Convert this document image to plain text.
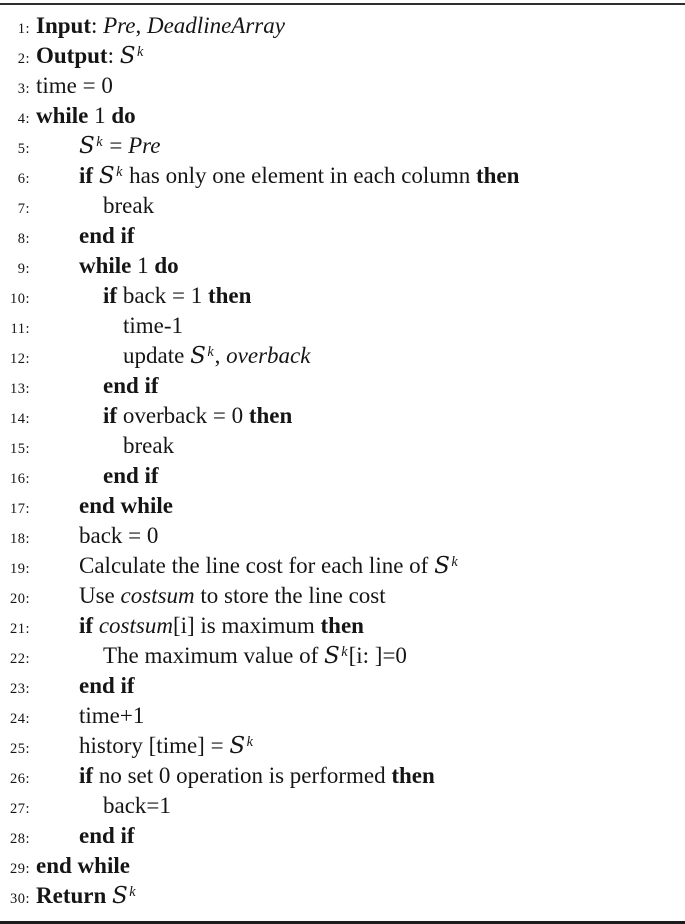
1: Input: Pre, DeadlineArray
2: Output: $S^k$
3: time = 0
4: while 1 do
5:	$S^k$ = Pre
6:	if $S^k$ has only one element in each column then
7:	break
8:	end if
9:	while 1 do
10:	if back = 1 then
11:	time-1
12:	update $S^k$, overback
13:	end if
14:	if overback = 0 then
15:	break
16:	end if
17:	end while
18:	back = 0
19:	Calculate the line cost for each line of $S^k$
20:	Use costsum to store the line cost
21:	if costsum[i] is maximum then
22:	The maximum value of $S^k[i$: ]=0
23:	end if
24:	time+1
25:	history [time] = $S^k$
26:	if no set 0 operation is performed then
27:	back=1
28:	end if
29: end while
30: Return $S^k$
